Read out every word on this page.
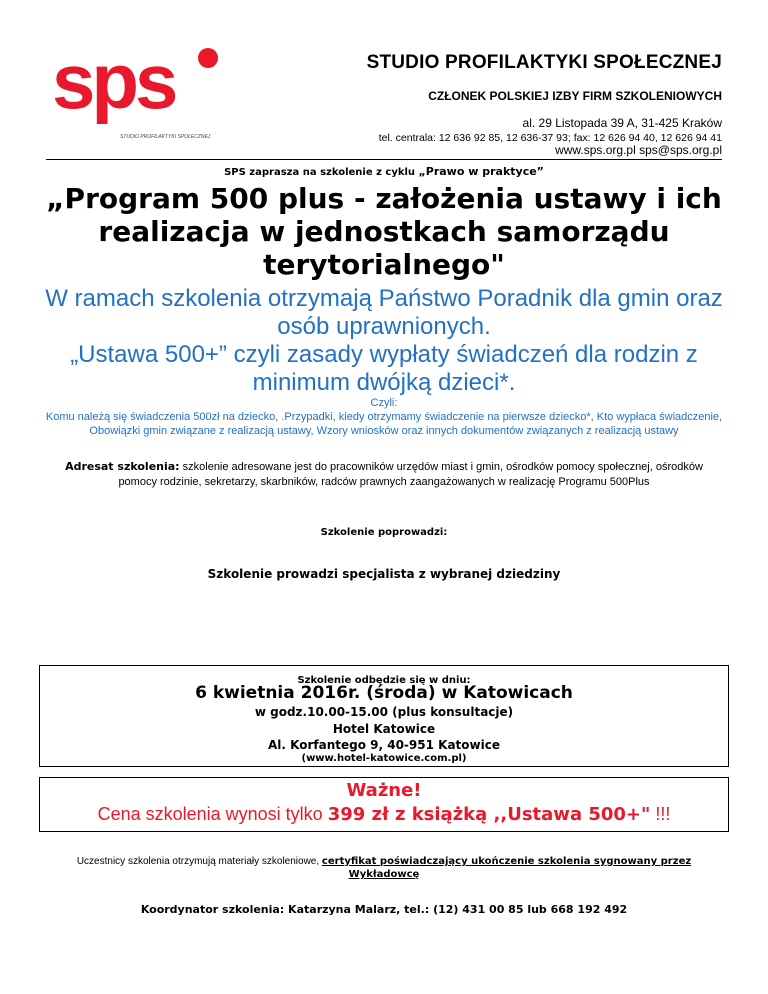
sps
STUDIO PROFILAKTYKI SPOŁECZNEJ
STUDIO PROFILAKTYKI SPOŁECZNEJ
CZŁONEK POLSKIEJ IZBY FIRM SZKOLENIOWYCH
al. 29 Listopada 39 A, 31-425 Kraków
tel. centrala: 12 636 92 85, 12 636-37 93; fax: 12 626 94 40, 12 626 94 41
www.sps.org.pl sps@sps.org.pl
SPS zaprasza na szkolenie z cyklu „Prawo w praktyce”
„Program 500 plus - założenia ustawy i ich realizacja w jednostkach samorządu terytorialnego"
W ramach szkolenia otrzymają Państwo Poradnik dla gmin oraz osób uprawnionych.
„Ustawa 500+” czyli zasady wypłaty świadczeń dla rodzin z minimum dwójką dzieci*.
Czyli:
Komu należą się świadczenia 500zł na dziecko, .Przypadki, kiedy otrzymamy świadczenie na pierwsze dziecko*, Kto wypłaca świadczenie, Obowiązki gmin związane z realizacją ustawy, Wzory wniosków oraz innych dokumentów związanych z realizacją ustawy
Adresat szkolenia: szkolenie adresowane jest do pracowników urzędów miast i gmin, ośrodków pomocy społecznej, ośrodków pomocy rodzinie, sekretarzy, skarbników, radców prawnych zaangażowanych w realizację Programu 500Plus
Szkolenie poprowadzi:
Szkolenie prowadzi specjalista z wybranej dziedziny
Szkolenie odbędzie się w dniu:
6 kwietnia 2016r. (środa) w Katowicach
w godz.10.00-15.00 (plus konsultacje)
Hotel Katowice
Al. Korfantego 9, 40-951 Katowice
(www.hotel-katowice.com.pl)
Ważne!
Cena szkolenia wynosi tylko 399 zł z książką ,,Ustawa 500+" !!!
Uczestnicy szkolenia otrzymują materiały szkoleniowe, certyfikat poświadczający ukończenie szkolenia sygnowany przez Wykładowcę
Koordynator szkolenia: Katarzyna Malarz, tel.: (12) 431 00 85 lub 668 192 492
